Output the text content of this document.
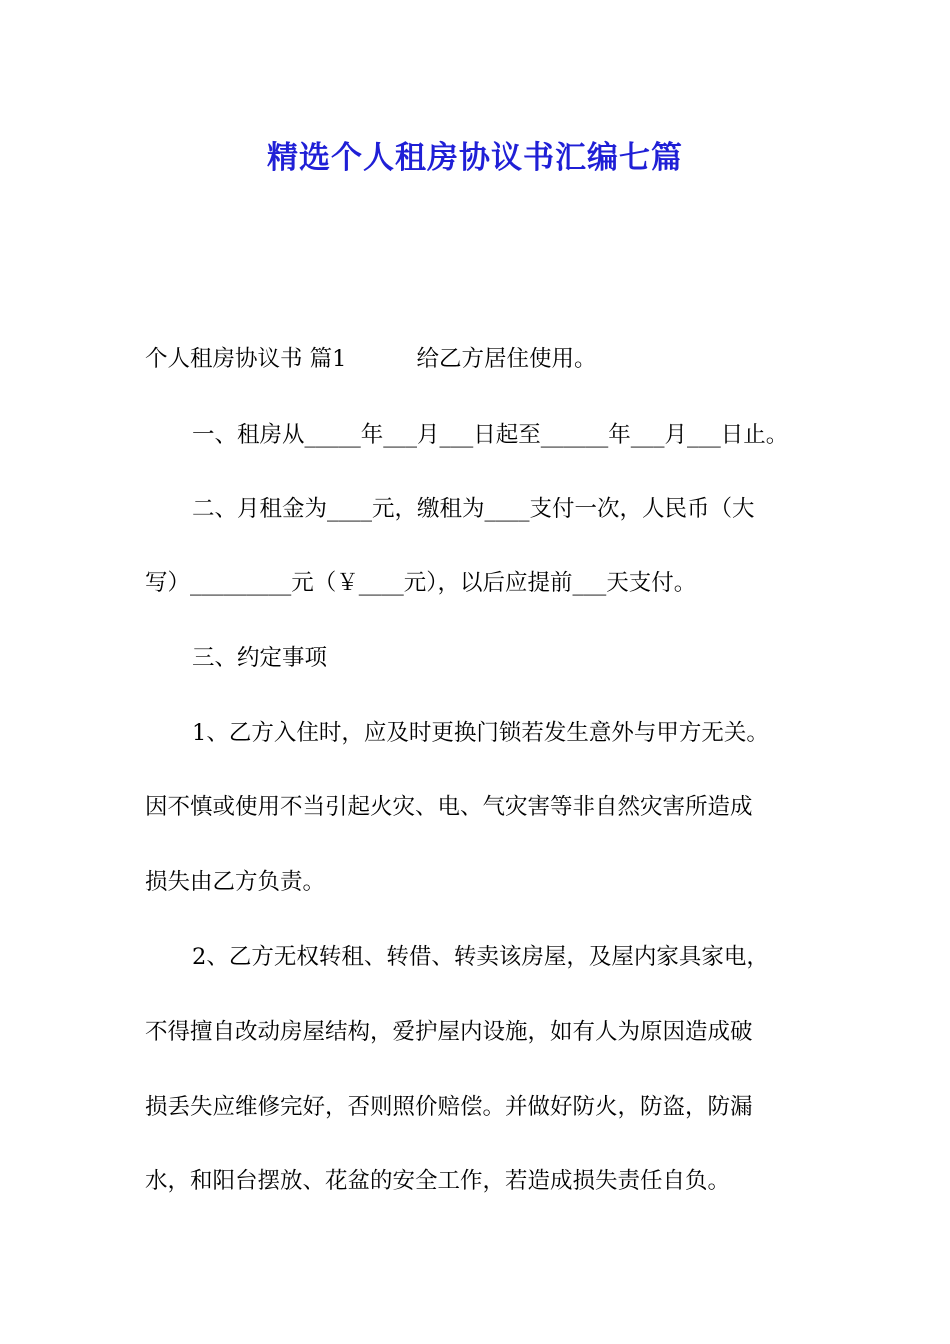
精选个人租房协议书汇编七篇
个人租房协议书 篇1	给乙方居住使用。
一、租房从_____年___月___日起至______年___月___日止。
二、月租金为____元，缴租为____支付一次，人民币（大
写）_________元（￥____元），以后应提前___天支付。
三、约定事项
1、乙方入住时，应及时更换门锁若发生意外与甲方无关。
因不慎或使用不当引起火灾、电、气灾害等非自然灾害所造成
损失由乙方负责。
2、乙方无权转租、转借、转卖该房屋，及屋内家具家电，
不得擅自改动房屋结构，爱护屋内设施，如有人为原因造成破
损丢失应维修完好，否则照价赔偿。并做好防火，防盗，防漏
水，和阳台摆放、花盆的安全工作，若造成损失责任自负。
